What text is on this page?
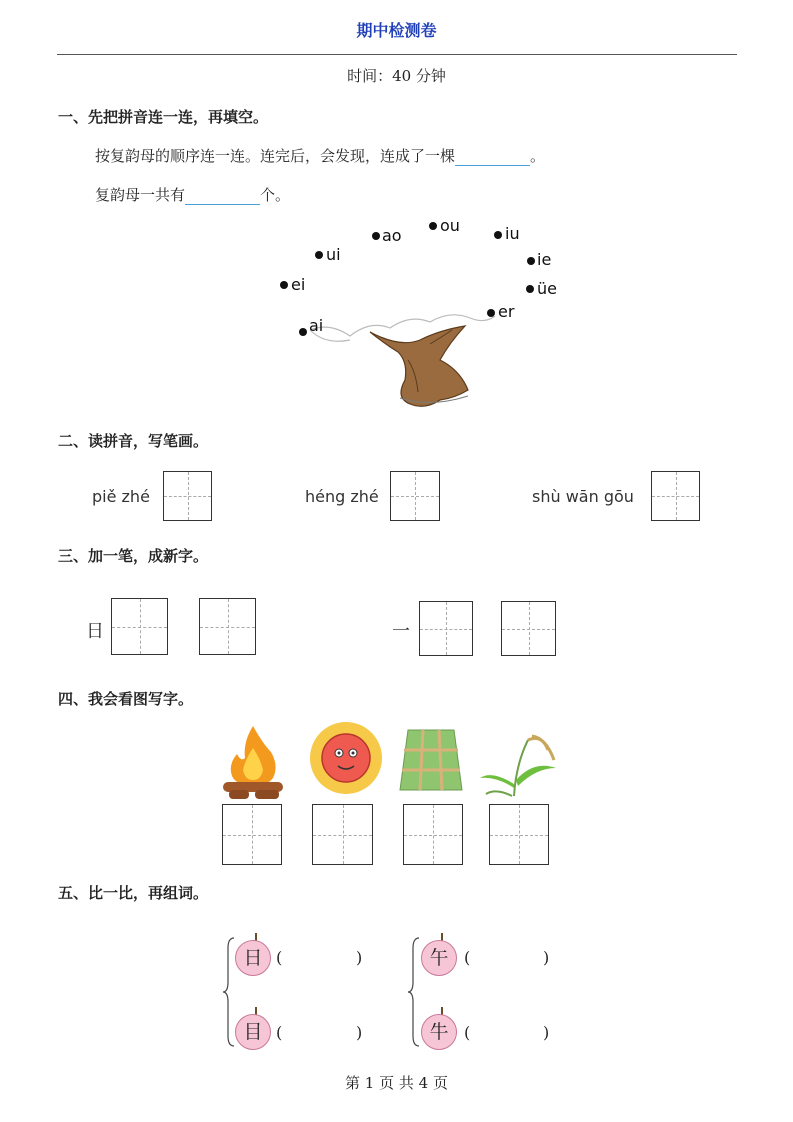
期中检测卷
时间：40 分钟
一、先把拼音连一连，再填空。
按复韵母的顺序连一连。连完后，会发现，连成了一棵	。
复韵母一共有	个。
ao
ou
ui
iu
ie
ei	üe
ai
er
二、读拼音，写笔画。
piě zhé	héng zhé	shù wān gōu
三、加一笔，成新字。
日	一
四、我会看图写字。
五、比一比，再组词。
日 (	)
目 (	)
午 (	)
牛 (	)
第 1 页 共 4 页
